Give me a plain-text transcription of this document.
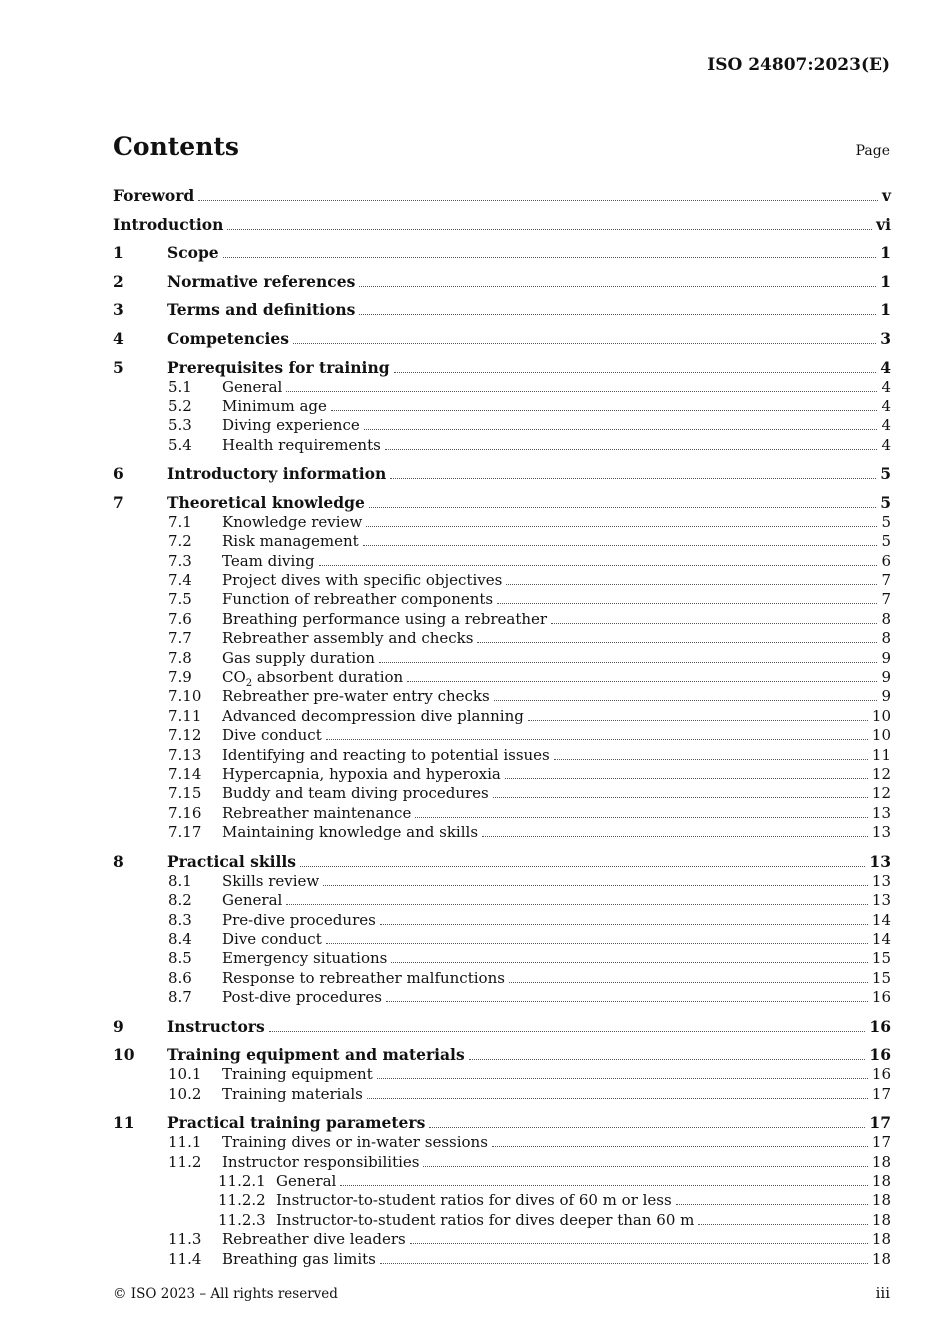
ISO 24807:2023(E)
Contents	Page
Foreword	v
Introduction	vi
1	Scope	1
2	Normative references	1
3	Terms and definitions	1
4	Competencies	3
5	Prerequisites for training	4
5.1 General	4
5.2 Minimum age	4
5.3 Diving experience	4
5.4 Health requirements	4
6	Introductory information	5
7	Theoretical knowledge	5
7.1 Knowledge review	5
7.2 Risk management	5
7.3 Team diving	6
7.4 Project dives with specific objectives	7
7.5 Function of rebreather components	7
7.6 Breathing performance using a rebreather	8
7.7 Rebreather assembly and checks	8
7.8 Gas supply duration	9
7.9 $CO_2$ absorbent duration	9
7.10 Rebreather pre-water entry checks	9
7.11 Advanced decompression dive planning	10
7.12 Dive conduct	10
7.13 Identifying and reacting to potential issues	11
7.14 Hypercapnia, hypoxia and hyperoxia	12
7.15 Buddy and team diving procedures	12
7.16 Rebreather maintenance	13
7.17 Maintaining knowledge and skills	13
8	Practical skills	13
8.1 Skills review	13
8.2 General	13
8.3 Pre-dive procedures	14
8.4 Dive conduct	14
8.5 Emergency situations	15
8.6 Response to rebreather malfunctions	15
8.7 Post-dive procedures	16
9	Instructors	16
10 Training equipment and materials	16
10.1 Training equipment	16
10.2 Training materials	17
11 Practical training parameters	17
11.1 Training dives or in-water sessions	17
11.2 Instructor responsibilities	18
11.2.1 General	18
11.2.2 Instructor-to-student ratios for dives of 60 m or less	18
11.2.3 Instructor-to-student ratios for dives deeper than 60 m	18
11.3 Rebreather dive leaders	18
11.4 Breathing gas limits	18
© ISO 2023 – All rights reserved	iii
